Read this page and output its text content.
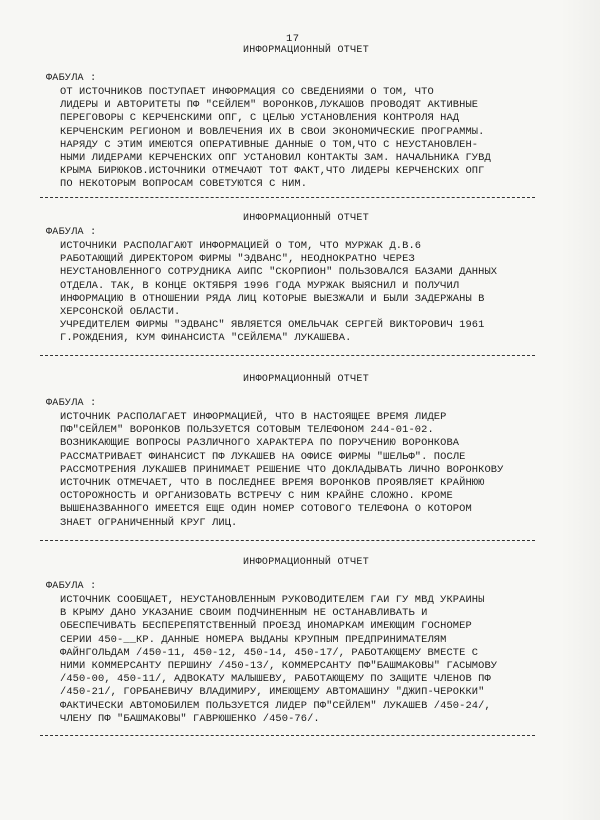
17

ИНФОРМАЦИОННЫЙ ОТЧЕТ

ФАБУЛА :

ОТ ИСТОЧНИКОВ ПОСТУПАЕТ ИНФОРМАЦИЯ СО СВЕДЕНИЯМИ О ТОМ, ЧТО
ЛИДЕРЫ И АВТОРИТЕТЫ ПФ "СЕЙЛЕМ" ВОРОНКОВ,ЛУКАШОВ ПРОВОДЯТ АКТИВНЫЕ
ПЕРЕГОВОРЫ С КЕРЧЕНСКИМИ ОПГ, С ЦЕЛЬЮ УСТАНОВЛЕНИЯ КОНТРОЛЯ НАД
КЕРЧЕНСКИМ РЕГИОНОМ И ВОВЛЕЧЕНИЯ ИХ В СВОИ ЭКОНОМИЧЕСКИЕ ПРОГРАММЫ.
НАРЯДУ С ЭТИМ ИМЕЮТСЯ ОПЕРАТИВНЫЕ ДАННЫЕ О ТОМ,ЧТО С НЕУСТАНОВЛЕН-
НЫМИ ЛИДЕРАМИ КЕРЧЕНСКИХ ОПГ УСТАНОВИЛ КОНТАКТЫ ЗАМ. НАЧАЛЬНИКА ГУВД
КРЫМА БИРЮКОВ.ИСТОЧНИКИ ОТМЕЧАЮТ ТОТ ФАКТ,ЧТО ЛИДЕРЫ КЕРЧЕНСКИХ ОПГ
ПО НЕКОТОРЫМ ВОПРОСАМ СОВЕТУЮТСЯ С НИМ.

ИНФОРМАЦИОННЫЙ ОТЧЕТ

ФАБУЛА :

ИСТОЧНИКИ РАСПОЛАГАЮТ ИНФОРМАЦИЕЙ О ТОМ, ЧТО МУРЖАК Д.В.6
РАБОТАЮЩИЙ ДИРЕКТОРОМ ФИРМЫ "ЭДВАНС", НЕОДНОКРАТНО ЧЕРЕЗ
НЕУСТАНОВЛЕННОГО СОТРУДНИКА АИПС "СКОРПИОН" ПОЛЬЗОВАЛСЯ БАЗАМИ ДАННЫХ
ОТДЕЛА. ТАК, В КОНЦЕ ОКТЯБРЯ 1996 ГОДА МУРЖАК ВЫЯСНИЛ И ПОЛУЧИЛ
ИНФОРМАЦИЮ В ОТНОШЕНИИ РЯДА ЛИЦ КОТОРЫЕ ВЫЕЗЖАЛИ И БЫЛИ ЗАДЕРЖАНЫ В
ХЕРСОНСКОЙ ОБЛАСТИ.
УЧРЕДИТЕЛЕМ ФИРМЫ "ЭДВАНС" ЯВЛЯЕТСЯ ОМЕЛЬЧАК СЕРГЕЙ ВИКТОРОВИЧ 1961
Г.РОЖДЕНИЯ, КУМ ФИНАНСИСТА "СЕЙЛЕМА" ЛУКАШЕВА.

ИНФОРМАЦИОННЫЙ ОТЧЕТ

ФАБУЛА :

ИСТОЧНИК РАСПОЛАГАЕТ ИНФОРМАЦИЕЙ, ЧТО В НАСТОЯЩЕЕ ВРЕМЯ ЛИДЕР
ПФ"СЕЙЛЕМ" ВОРОНКОВ ПОЛЬЗУЕТСЯ СОТОВЫМ ТЕЛЕФОНОМ 244-01-02.
ВОЗНИКАЮЩИЕ ВОПРОСЫ РАЗЛИЧНОГО ХАРАКТЕРА ПО ПОРУЧЕНИЮ ВОРОНКОВА
РАССМАТРИВАЕТ ФИНАНСИСТ ПФ ЛУКАШЕВ НА ОФИСЕ ФИРМЫ "ШЕЛЬФ". ПОСЛЕ
РАССМОТРЕНИЯ ЛУКАШЕВ ПРИНИМАЕТ РЕШЕНИЕ ЧТО ДОКЛАДЫВАТЬ ЛИЧНО ВОРОНКОВУ
ИСТОЧНИК ОТМЕЧАЕТ, ЧТО В ПОСЛЕДНЕЕ ВРЕМЯ ВОРОНКОВ ПРОЯВЛЯЕТ КРАЙНЮЮ
ОСТОРОЖНОСТЬ И ОРГАНИЗОВАТЬ ВСТРЕЧУ С НИМ КРАЙНЕ СЛОЖНО. КРОМЕ
ВЫШЕНАЗВАННОГО ИМЕЕТСЯ ЕЩЕ ОДИН НОМЕР СОТОВОГО ТЕЛЕФОНА О КОТОРОМ
ЗНАЕТ ОГРАНИЧЕННЫЙ КРУГ ЛИЦ.

ИНФОРМАЦИОННЫЙ ОТЧЕТ

ФАБУЛА :

ИСТОЧНИК СООБЩАЕТ, НЕУСТАНОВЛЕННЫМ РУКОВОДИТЕЛЕМ ГАИ ГУ МВД УКРАИНЫ
В КРЫМУ ДАНО УКАЗАНИЕ СВОИМ ПОДЧИНЕННЫМ НЕ ОСТАНАВЛИВАТЬ И
ОБЕСПЕЧИВАТЬ БЕСПЕРЕПЯТСТВЕННЫЙ ПРОЕЗД ИНОМАРКАМ ИМЕЮЩИМ ГОСНОМЕР
СЕРИИ 450-__КР. ДАННЫЕ НОМЕРА ВЫДАНЫ КРУПНЫМ ПРЕДПРИНИМАТЕЛЯМ
ФАЙНГОЛЬДАМ /450-11, 450-12, 450-14, 450-17/, РАБОТАЮЩЕМУ ВМЕСТЕ С
НИМИ КОММЕРСАНТУ ПЕРШИНУ /450-13/, КОММЕРСАНТУ ПФ"БАШМАКОВЫ" ГАСЫМОВУ
/450-00, 450-11/, АДВОКАТУ МАЛЫШЕВУ, РАБОТАЮЩЕМУ ПО ЗАЩИТЕ ЧЛЕНОВ ПФ
/450-21/, ГОРБАНЕВИЧУ ВЛАДИМИРУ, ИМЕЮЩЕМУ АВТОМАШИНУ "ДЖИП-ЧЕРОККИ"
ФАКТИЧЕСКИ АВТОМОБИЛЕМ ПОЛЬЗУЕТСЯ ЛИДЕР ПФ"СЕЙЛЕМ" ЛУКАШЕВ /450-24/,
ЧЛЕНУ ПФ "БАШМАКОВЫ" ГАВРЮШЕНКО /450-76/.
